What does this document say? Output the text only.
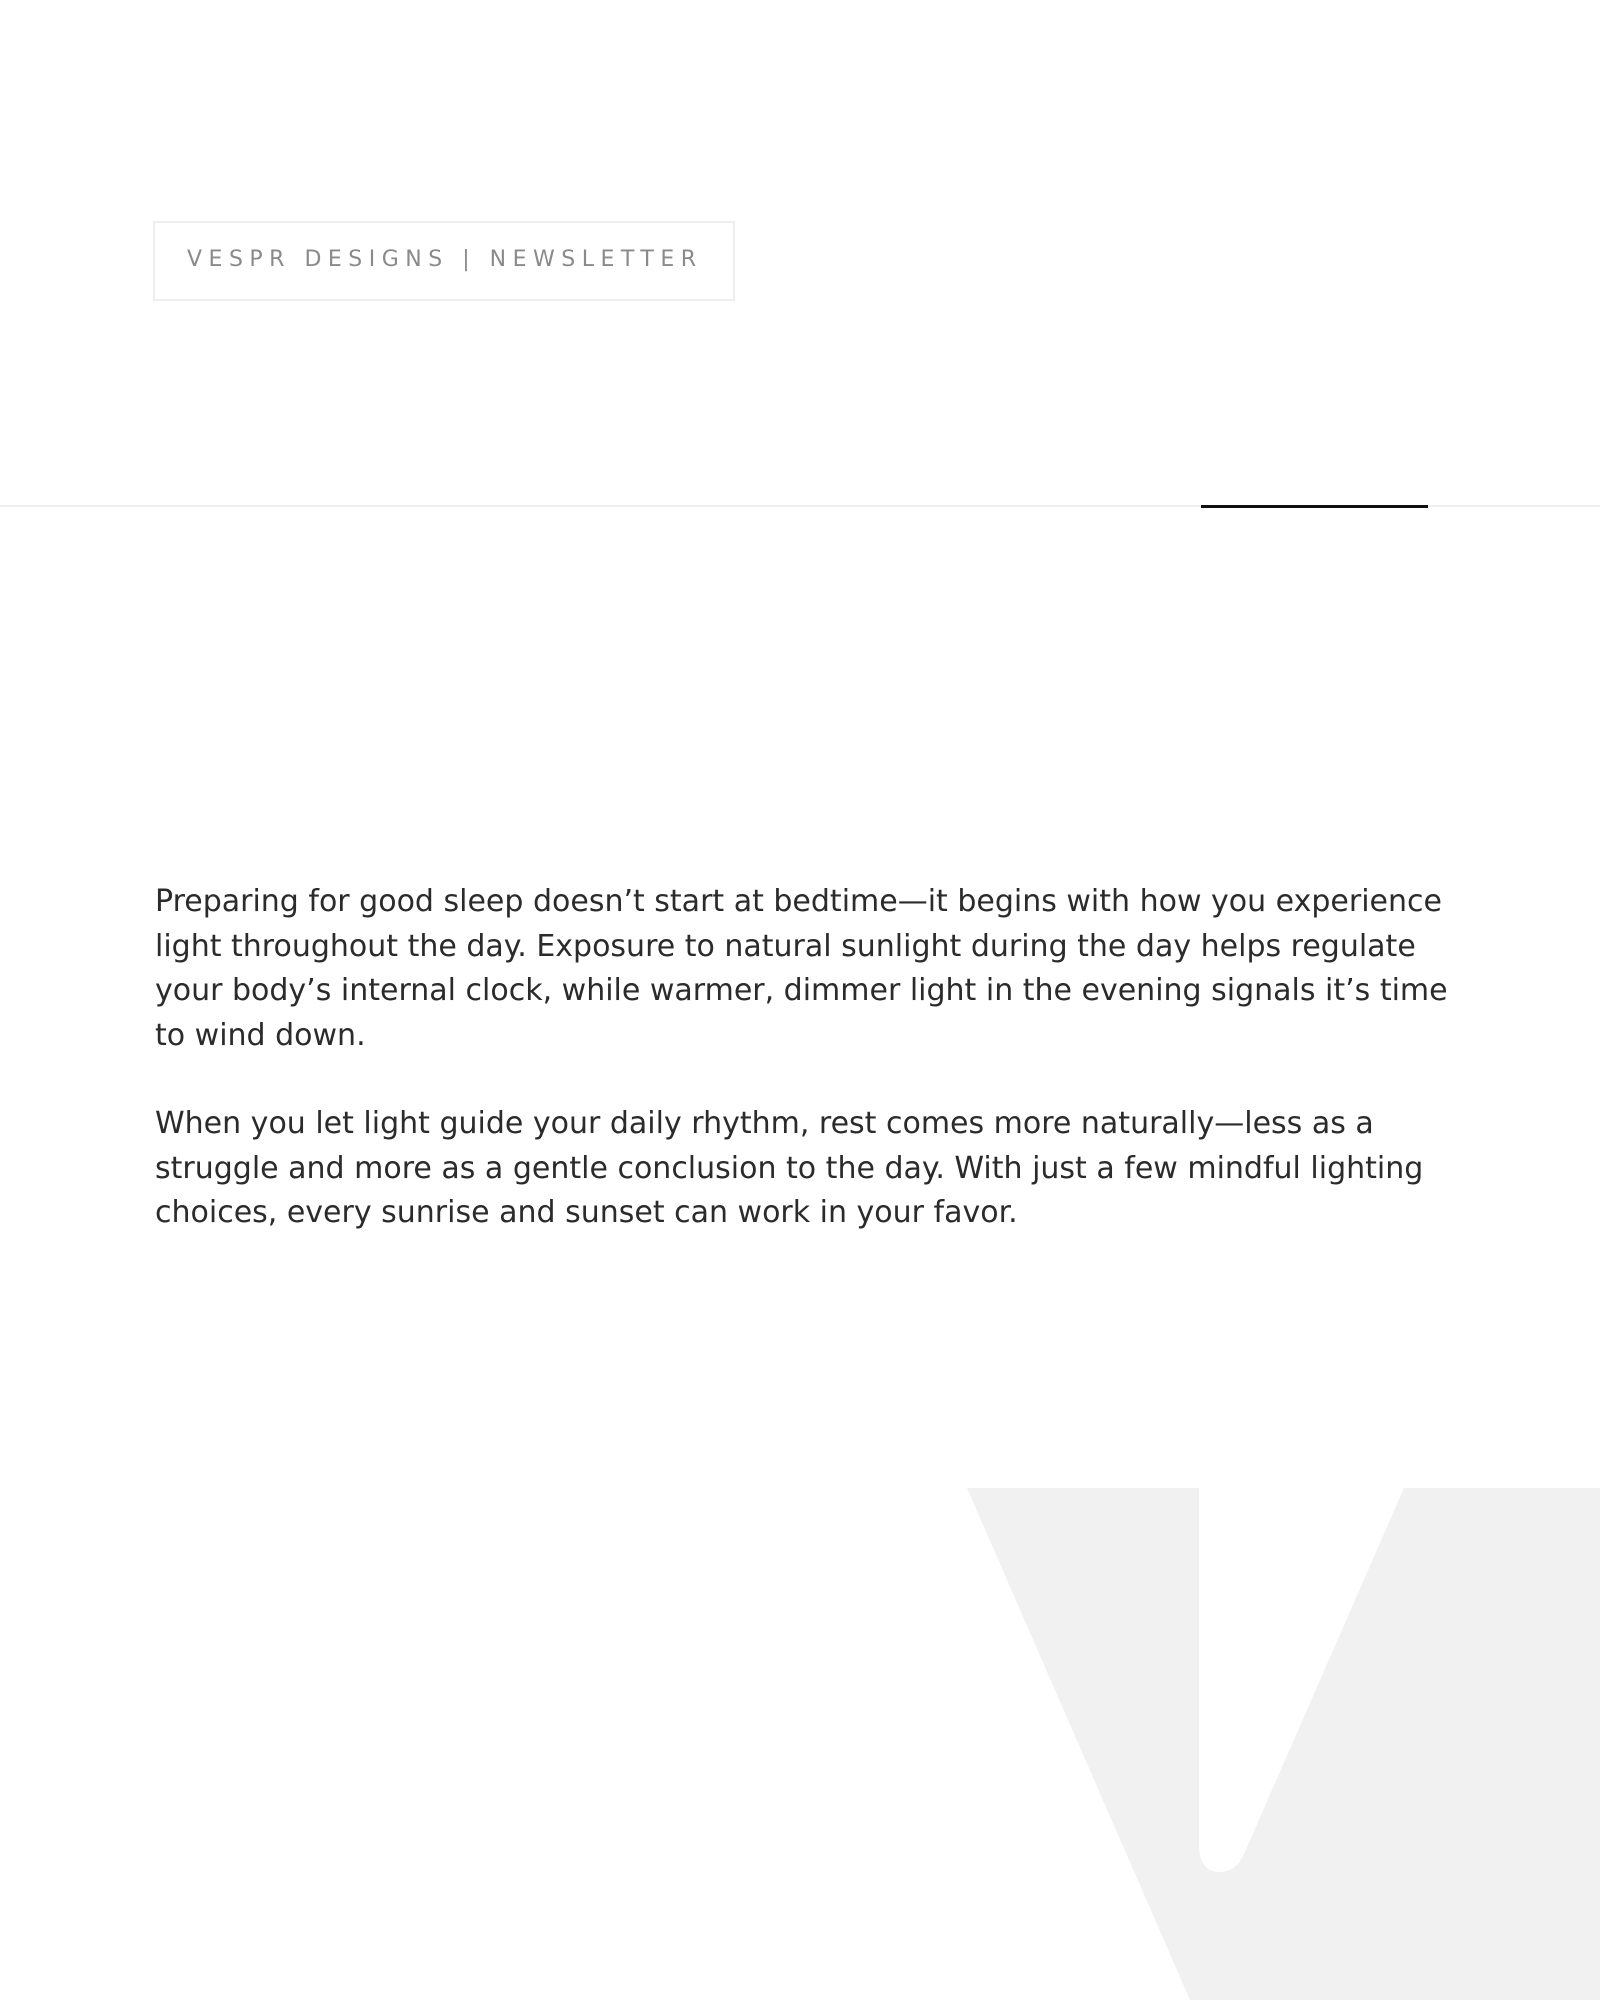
VESPR DESIGNS | NEWSLETTER

Preparing for good sleep doesn’t start at bedtime—it begins with how you experience light throughout the day. Exposure to natural sunlight during the day helps regulate your body’s internal clock, while warmer, dimmer light in the evening signals it’s time to wind down.

When you let light guide your daily rhythm, rest comes more naturally—less as a struggle and more as a gentle conclusion to the day. With just a few mindful lighting choices, every sunrise and sunset can work in your favor.
